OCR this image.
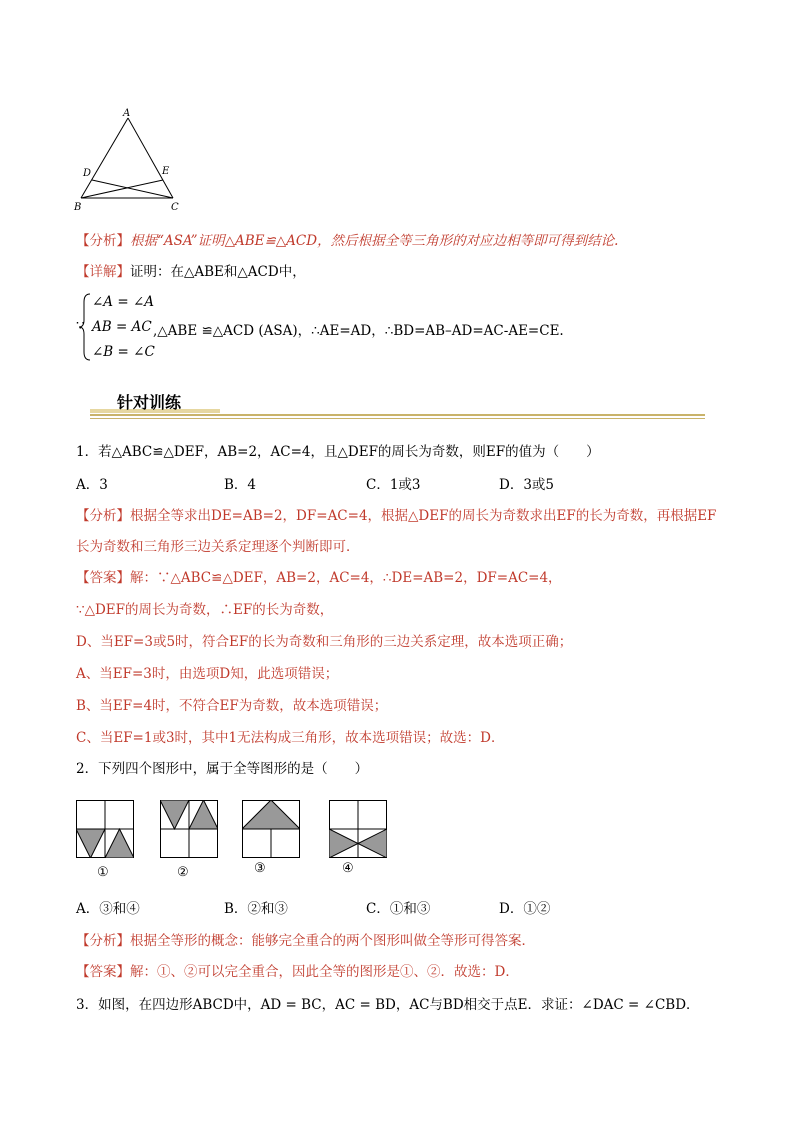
A
B	C
D	E
【分析】根据“ASA”证明△ABE≌△ACD，然后根据全等三角形的对应边相等即可得到结论.
【详解】证明：在△ABE和△ACD中，
∵
∠A = ∠A
AB = AC
∠B = ∠C
,△ABE ≌△ACD (ASA)，∴AE=AD，∴BD=AB–AD=AC-AE=CE.
针对训练
1．若△ABC≌△DEF，AB=2，AC=4，且△DEF的周长为奇数，则EF的值为（　　）
A．3	B．4	C．1或3	D．3或5
【分析】根据全等求出DE=AB=2，DF=AC=4，根据△DEF的周长为奇数求出EF的长为奇数，再根据EF
长为奇数和三角形三边关系定理逐个判断即可．
【答案】解：∵△ABC≌△DEF，AB=2，AC=4，∴DE=AB=2，DF=AC=4，
∵△DEF的周长为奇数，∴EF的长为奇数，
D、当EF=3或5时，符合EF的长为奇数和三角形的三边关系定理，故本选项正确；
A、当EF=3时，由选项D知，此选项错误；
B、当EF=4时，不符合EF为奇数，故本选项错误；
C、当EF=1或3时，其中1无法构成三角形，故本选项错误；故选：D．
2．下列四个图形中，属于全等图形的是（　　）
①	②	③	④
A．③和④	B．②和③	C．①和③	D．①②
【分析】根据全等形的概念：能够完全重合的两个图形叫做全等形可得答案．
【答案】解：①、②可以完全重合，因此全等的图形是①、②．故选：D．
3．如图，在四边形ABCD中，AD = BC，AC = BD，AC与BD相交于点E．求证：∠DAC = ∠CBD．
